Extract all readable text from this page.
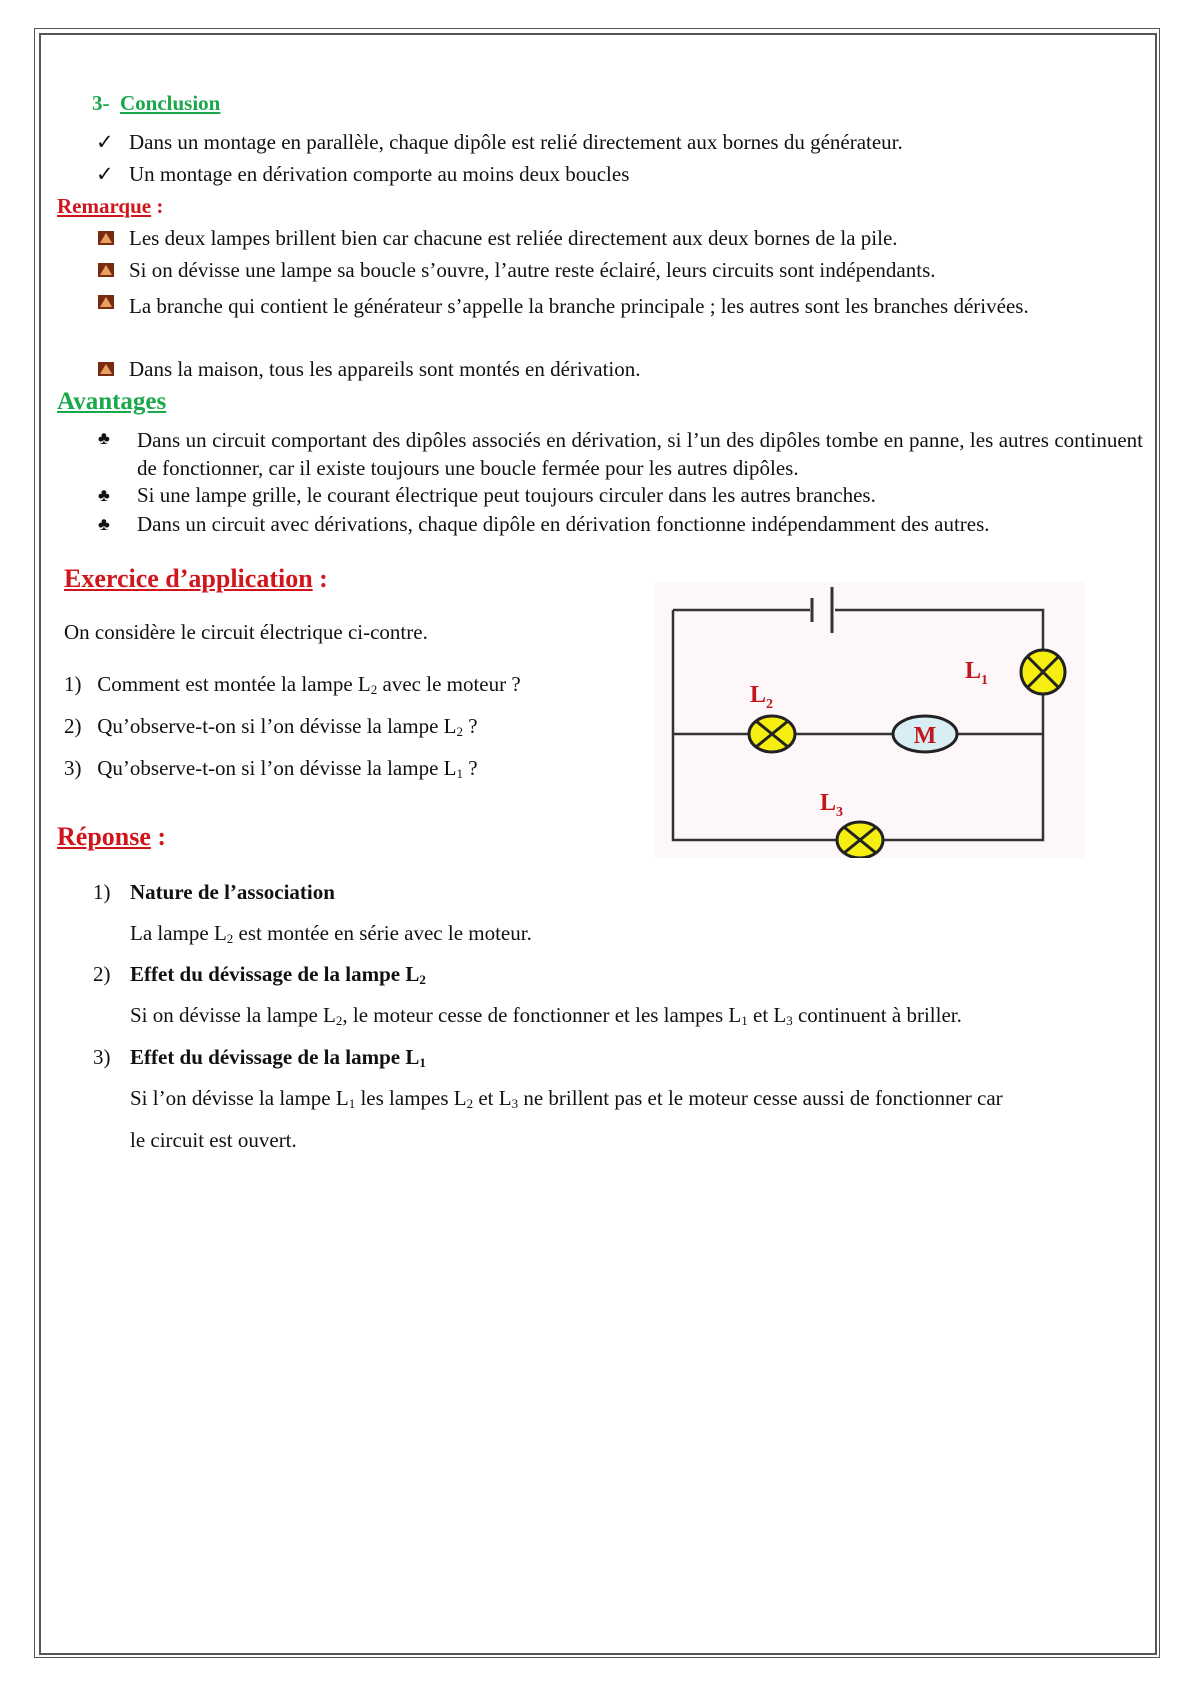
3- Conclusion
✓ Dans un montage en parallèle, chaque dipôle est relié directement aux bornes du générateur.
✓ Un montage en dérivation comporte au moins deux boucles
Remarque :
Les deux lampes brillent bien car chacune est reliée directement aux deux bornes de la pile.
Si on dévisse une lampe sa boucle s’ouvre, l’autre reste éclairé, leurs circuits sont indépendants.
La branche qui contient le générateur s’appelle la branche principale ; les autres sont les branches dérivées.
Dans la maison, tous les appareils sont montés en dérivation.
Avantages
♣ Dans un circuit comportant des dipôles associés en dérivation, si l’un des dipôles tombe en panne, les autres continuent de fonctionner, car il existe toujours une boucle fermée pour les autres dipôles.
♣ Si une lampe grille, le courant électrique peut toujours circuler dans les autres branches.
♣ Dans un circuit avec dérivations, chaque dipôle en dérivation fonctionne indépendamment des autres.
Exercice d’application :
On considère le circuit électrique ci-contre.
1) Comment est montée la lampe $L_2$ avec le moteur ?
2) Qu’observe-t-on si l’on dévisse la lampe $L_2$ ?
3) Qu’observe-t-on si l’on dévisse la lampe $L_1$ ?
M
$L_1$
$L_2$
$L_3$
Réponse :
1) Nature de l’association
La lampe $L_2$ est montée en série avec le moteur.
2) Effet du dévissage de la lampe $L_2$
Si on dévisse la lampe $L_2$, le moteur cesse de fonctionner et les lampes $L_1$ et $L_3$ continuent à briller.
3) Effet du dévissage de la lampe $L_1$
Si l’on dévisse la lampe $L_1$ les lampes $L_2$ et $L_3$ ne brillent pas et le moteur cesse aussi de fonctionner car
le circuit est ouvert.
